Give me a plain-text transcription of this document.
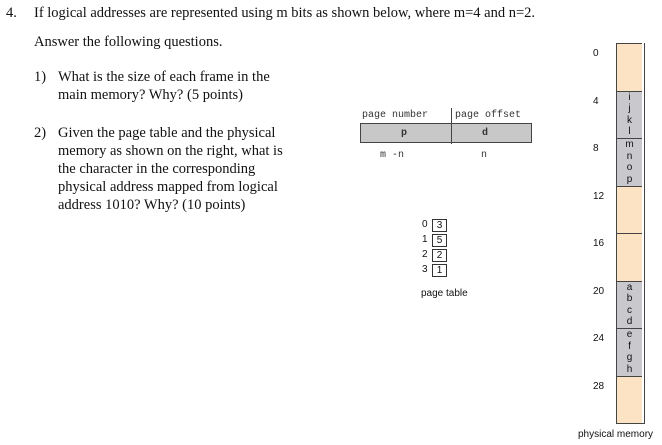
4. If logical addresses are represented using m bits as shown below, where m=4 and n=2.
Answer the following questions.
1) What is the size of each frame in the
main memory? Why? (5 points)
2) Given the page table and the physical
memory as shown on the right, what is
the character in the corresponding
physical address mapped from logical
address 1010? Why? (10 points)
page number	page offset
p	d
m -n	n
0 3
1 5
2 2
3 1
page table
0
i
j
k
l
4
m
n
o
p
8
12
16
a
b
c
d
20
e
f
g
h
24
28
physical memory
